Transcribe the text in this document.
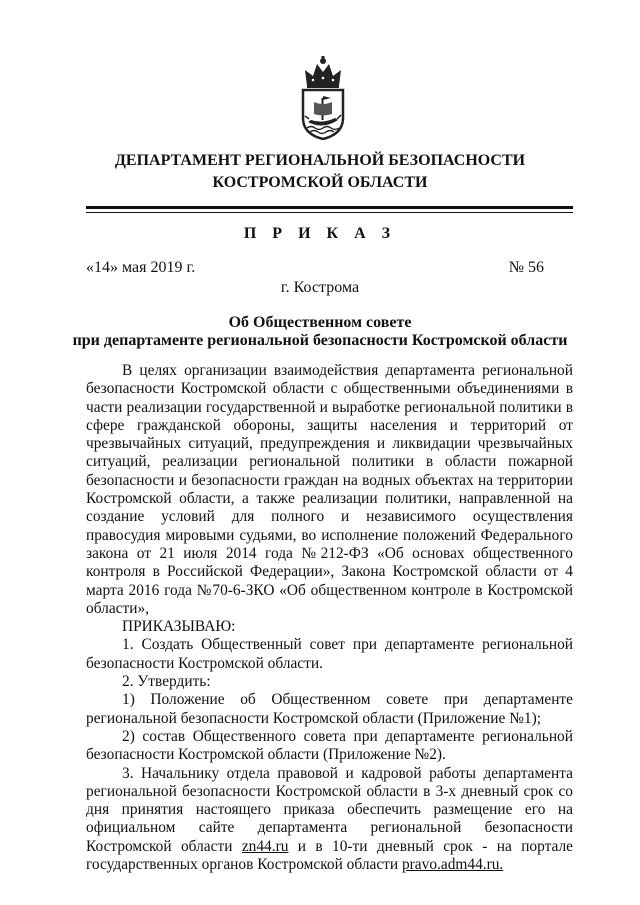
ДЕПАРТАМЕНТ РЕГИОНАЛЬНОЙ БЕЗОПАСНОСТИ
КОСТРОМСКОЙ ОБЛАСТИ
П Р И К А З
«14» мая 2019 г.	№ 56
г. Кострома
Об Общественном совете
при департаменте региональной безопасности Костромской области

В целях организации взаимодействия департамента региональной безопасности Костромской области с общественными объединениями в части реализации государственной и выработке региональной политики в сфере гражданской обороны, защиты населения и территорий от чрезвычайных ситуаций, предупреждения и ликвидации чрезвычайных ситуаций, реализации региональной политики в области пожарной безопасности и безопасности граждан на водных объектах на территории Костромской области, а также реализации политики, направленной на создание условий для полного и независимого осуществления правосудия мировыми судьями, во исполнение положений Федерального закона от 21 июля 2014 года №212-ФЗ «Об основах общественного контроля в Российской Федерации», Закона Костромской области от 4 марта 2016 года №70-6-ЗКО «Об общественном контроле в Костромской области»,

ПРИКАЗЫВАЮ:

1. Создать Общественный совет при департаменте региональной безопасности Костромской области.

2. Утвердить:

1) Положение об Общественном совете при департаменте региональной безопасности Костромской области (Приложение №1);

2) состав Общественного совета при департаменте региональной безопасности Костромской области (Приложение №2).

3. Начальнику отдела правовой и кадровой работы департамента региональной безопасности Костромской области в 3-х дневный срок со дня принятия настоящего приказа обеспечить размещение его на официальном сайте департамента региональной безопасности Костромской области zn44.ru и в 10-ти дневный срок - на портале государственных органов Костромской области pravo.adm44.ru.
